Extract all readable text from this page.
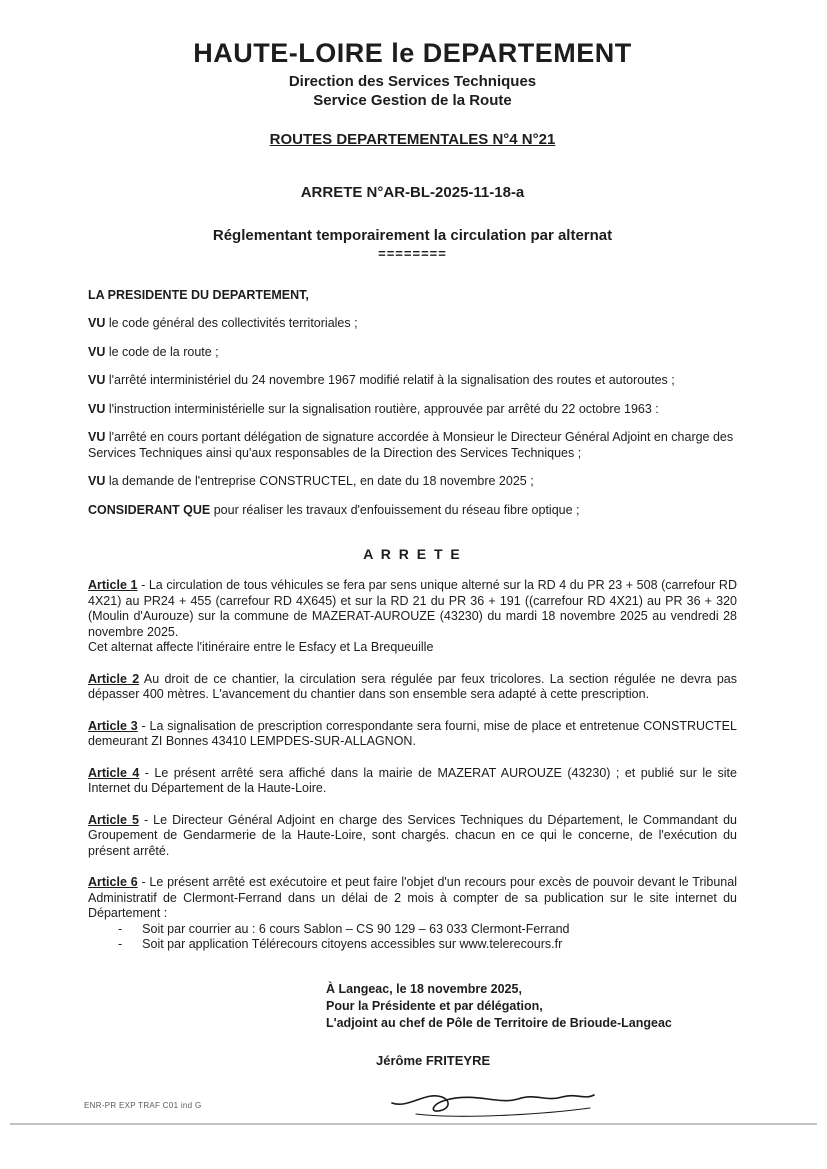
HAUTE-LOIRE le DEPARTEMENT
Direction des Services Techniques
Service Gestion de la Route
ROUTES DEPARTEMENTALES N°4 N°21
ARRETE N°AR-BL-2025-11-18-a
Réglementant temporairement la circulation par alternat
========
LA PRESIDENTE DU DEPARTEMENT,

VU le code général des collectivités territoriales ;

VU le code de la route ;

VU l'arrêté interministériel du 24 novembre 1967 modifié relatif à la signalisation des routes et autoroutes ;

VU l'instruction interministérielle sur la signalisation routière, approuvée par arrêté du 22 octobre 1963 :

VU l'arrêté en cours portant délégation de signature accordée à Monsieur le Directeur Général Adjoint en charge des Services Techniques ainsi qu'aux responsables de la Direction des Services Techniques ;

VU la demande de l'entreprise CONSTRUCTEL, en date du 18 novembre 2025 ;

CONSIDERANT QUE pour réaliser les travaux d'enfouissement du réseau fibre optique ;

A R R E T E

Article 1 - La circulation de tous véhicules se fera par sens unique alterné sur la RD 4 du PR 23 + 508 (carrefour RD 4X21) au PR24 + 455 (carrefour RD 4X645) et sur la RD 21 du PR 36 + 191 ((carrefour RD 4X21) au PR 36 + 320 (Moulin d'Aurouze) sur la commune de MAZERAT-AUROUZE (43230) du mardi 18 novembre 2025 au vendredi 28 novembre 2025.

Cet alternat affecte l'itinéraire entre le Esfacy et La Brequeuille

Article 2 Au droit de ce chantier, la circulation sera régulée par feux tricolores. La section régulée ne devra pas dépasser 400 mètres. L'avancement du chantier dans son ensemble sera adapté à cette prescription.

Article 3 - La signalisation de prescription correspondante sera fourni, mise de place et entretenue CONSTRUCTEL demeurant ZI Bonnes 43410 LEMPDES-SUR-ALLAGNON.

Article 4 - Le présent arrêté sera affiché dans la mairie de MAZERAT AUROUZE (43230) ; et publié sur le site Internet du Département de la Haute-Loire.

Article 5 - Le Directeur Général Adjoint en charge des Services Techniques du Département, le Commandant du Groupement de Gendarmerie de la Haute-Loire, sont chargés. chacun en ce qui le concerne, de l'exécution du présent arrêté.

Article 6 - Le présent arrêté est exécutoire et peut faire l'objet d'un recours pour excès de pouvoir devant le Tribunal Administratif de Clermont-Ferrand dans un délai de 2 mois à compter de sa publication sur le site internet du Département :

- Soit par courrier au : 6 cours Sablon – CS 90 129 – 63 033 Clermont-Ferrand
- Soit par application Télérecours citoyens accessibles sur www.telerecours.fr
À Langeac, le 18 novembre 2025,
Pour la Présidente et par délégation,
L'adjoint au chef de Pôle de Territoire de Brioude-Langeac
Jérôme FRITEYRE
ENR-PR EXP TRAF C01 ind G
